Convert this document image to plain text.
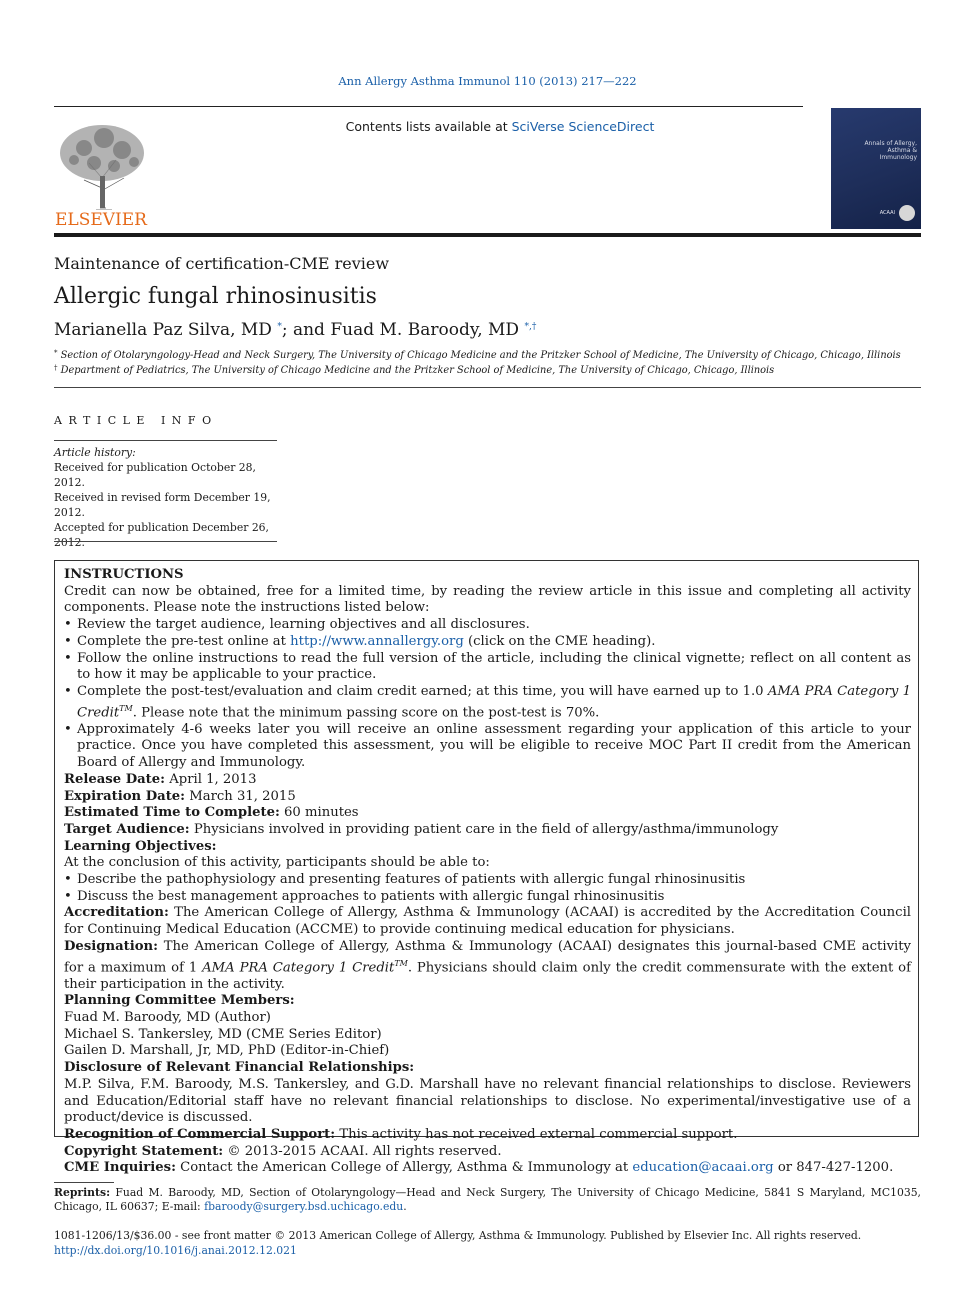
Ann Allergy Asthma Immunol 110 (2013) 217—222
ELSEVIER
Contents lists available at SciVerse ScienceDirect
Annals of Allergy, Asthma & Immunology
ACAAI
Maintenance of certification-CME review
Allergic fungal rhinosinusitis
Marianella Paz Silva, MD *; and Fuad M. Baroody, MD *,†
* Section of Otolaryngology-Head and Neck Surgery, The University of Chicago Medicine and the Pritzker School of Medicine, The University of Chicago, Chicago, Illinois
† Department of Pediatrics, The University of Chicago Medicine and the Pritzker School of Medicine, The University of Chicago, Chicago, Illinois
ARTICLE INFO
Article history:
Received for publication October 28, 2012.
Received in revised form December 19, 2012.
Accepted for publication December 26, 2012.

INSTRUCTIONS

Credit can now be obtained, free for a limited time, by reading the review article in this issue and completing all activity components. Please note the instructions listed below:

• Review the target audience, learning objectives and all disclosures.
• Complete the pre-test online at http://www.annallergy.org (click on the CME heading).
• Follow the online instructions to read the full version of the article, including the clinical vignette; reflect on all content as to how it may be applicable to your practice.
• Complete the post-test/evaluation and claim credit earned; at this time, you will have earned up to 1.0 AMA PRA Category 1 Credit™. Please note that the minimum passing score on the post-test is 70%.
• Approximately 4-6 weeks later you will receive an online assessment regarding your application of this article to your practice. Once you have completed this assessment, you will be eligible to receive MOC Part II credit from the American Board of Allergy and Immunology.

Release Date: April 1, 2013

Expiration Date: March 31, 2015

Estimated Time to Complete: 60 minutes

Target Audience: Physicians involved in providing patient care in the field of allergy/asthma/immunology

Learning Objectives:

At the conclusion of this activity, participants should be able to:

• Describe the pathophysiology and presenting features of patients with allergic fungal rhinosinusitis
• Discuss the best management approaches to patients with allergic fungal rhinosinusitis

Accreditation: The American College of Allergy, Asthma & Immunology (ACAAI) is accredited by the Accreditation Council for Continuing Medical Education (ACCME) to provide continuing medical education for physicians.

Designation: The American College of Allergy, Asthma & Immunology (ACAAI) designates this journal-based CME activity for a maximum of 1 AMA PRA Category 1 Credit™. Physicians should claim only the credit commensurate with the extent of their participation in the activity.

Planning Committee Members:

Fuad M. Baroody, MD (Author)

Michael S. Tankersley, MD (CME Series Editor)

Gailen D. Marshall, Jr, MD, PhD (Editor-in-Chief)

Disclosure of Relevant Financial Relationships:

M.P. Silva, F.M. Baroody, M.S. Tankersley, and G.D. Marshall have no relevant financial relationships to disclose. Reviewers and Education/Editorial staff have no relevant financial relationships to disclose. No experimental/investigative use of a product/device is discussed.

Recognition of Commercial Support: This activity has not received external commercial support.

Copyright Statement: © 2013-2015 ACAAI. All rights reserved.

CME Inquiries: Contact the American College of Allergy, Asthma & Immunology at education@acaai.org or 847-427-1200.

Reprints: Fuad M. Baroody, MD, Section of Otolaryngology—Head and Neck Surgery, The University of Chicago Medicine, 5841 S Maryland, MC1035, Chicago, IL 60637; E-mail: fbaroody@surgery.bsd.uchicago.edu.
1081-1206/13/$36.00 - see front matter © 2013 American College of Allergy, Asthma & Immunology. Published by Elsevier Inc. All rights reserved.
http://dx.doi.org/10.1016/j.anai.2012.12.021
